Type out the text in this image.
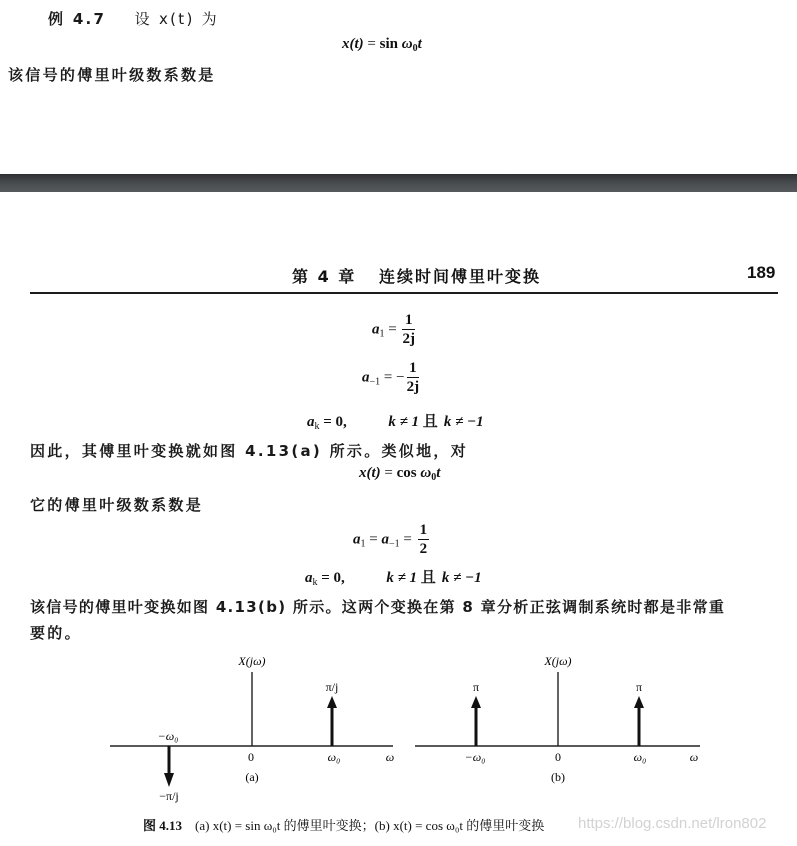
例 4.7 设 x(t) 为
$x(t) = \sin \omega_0t$
该信号的傅里叶级数系数是
第 4 章 连续时间傅里叶变换	189
$a_1 = \frac{1}{2j}$
$a_{-1}$ = − $\frac{1}{2j}$
$a_k = 0$,	k ≠ 1 且 k ≠ −1
因此，其傅里叶变换就如图 4.13(a) 所示。类似地，对
$x(t) = \cos \omega_0t$
它的傅里叶级数系数是
$a_1 = a_{-1} = \frac{1}{2}$
$a_k = 0$,	k ≠ 1 且 k ≠ −1
该信号的傅里叶变换如图 4.13(b) 所示。这两个变换在第 8 章分析正弦调制系统时都是非常重
要的。
X(jω)
π/j
−ω₀
0	ω₀	ω
(a)
−π/j
X(jω)
π	π
−ω₀	0	ω₀	ω
(b)
https://blog.csdn.net/lron802
图 4.13 (a) x(t) = sin ω₀t 的傅里叶变换；(b) x(t) = cos ω₀t 的傅里叶变换
